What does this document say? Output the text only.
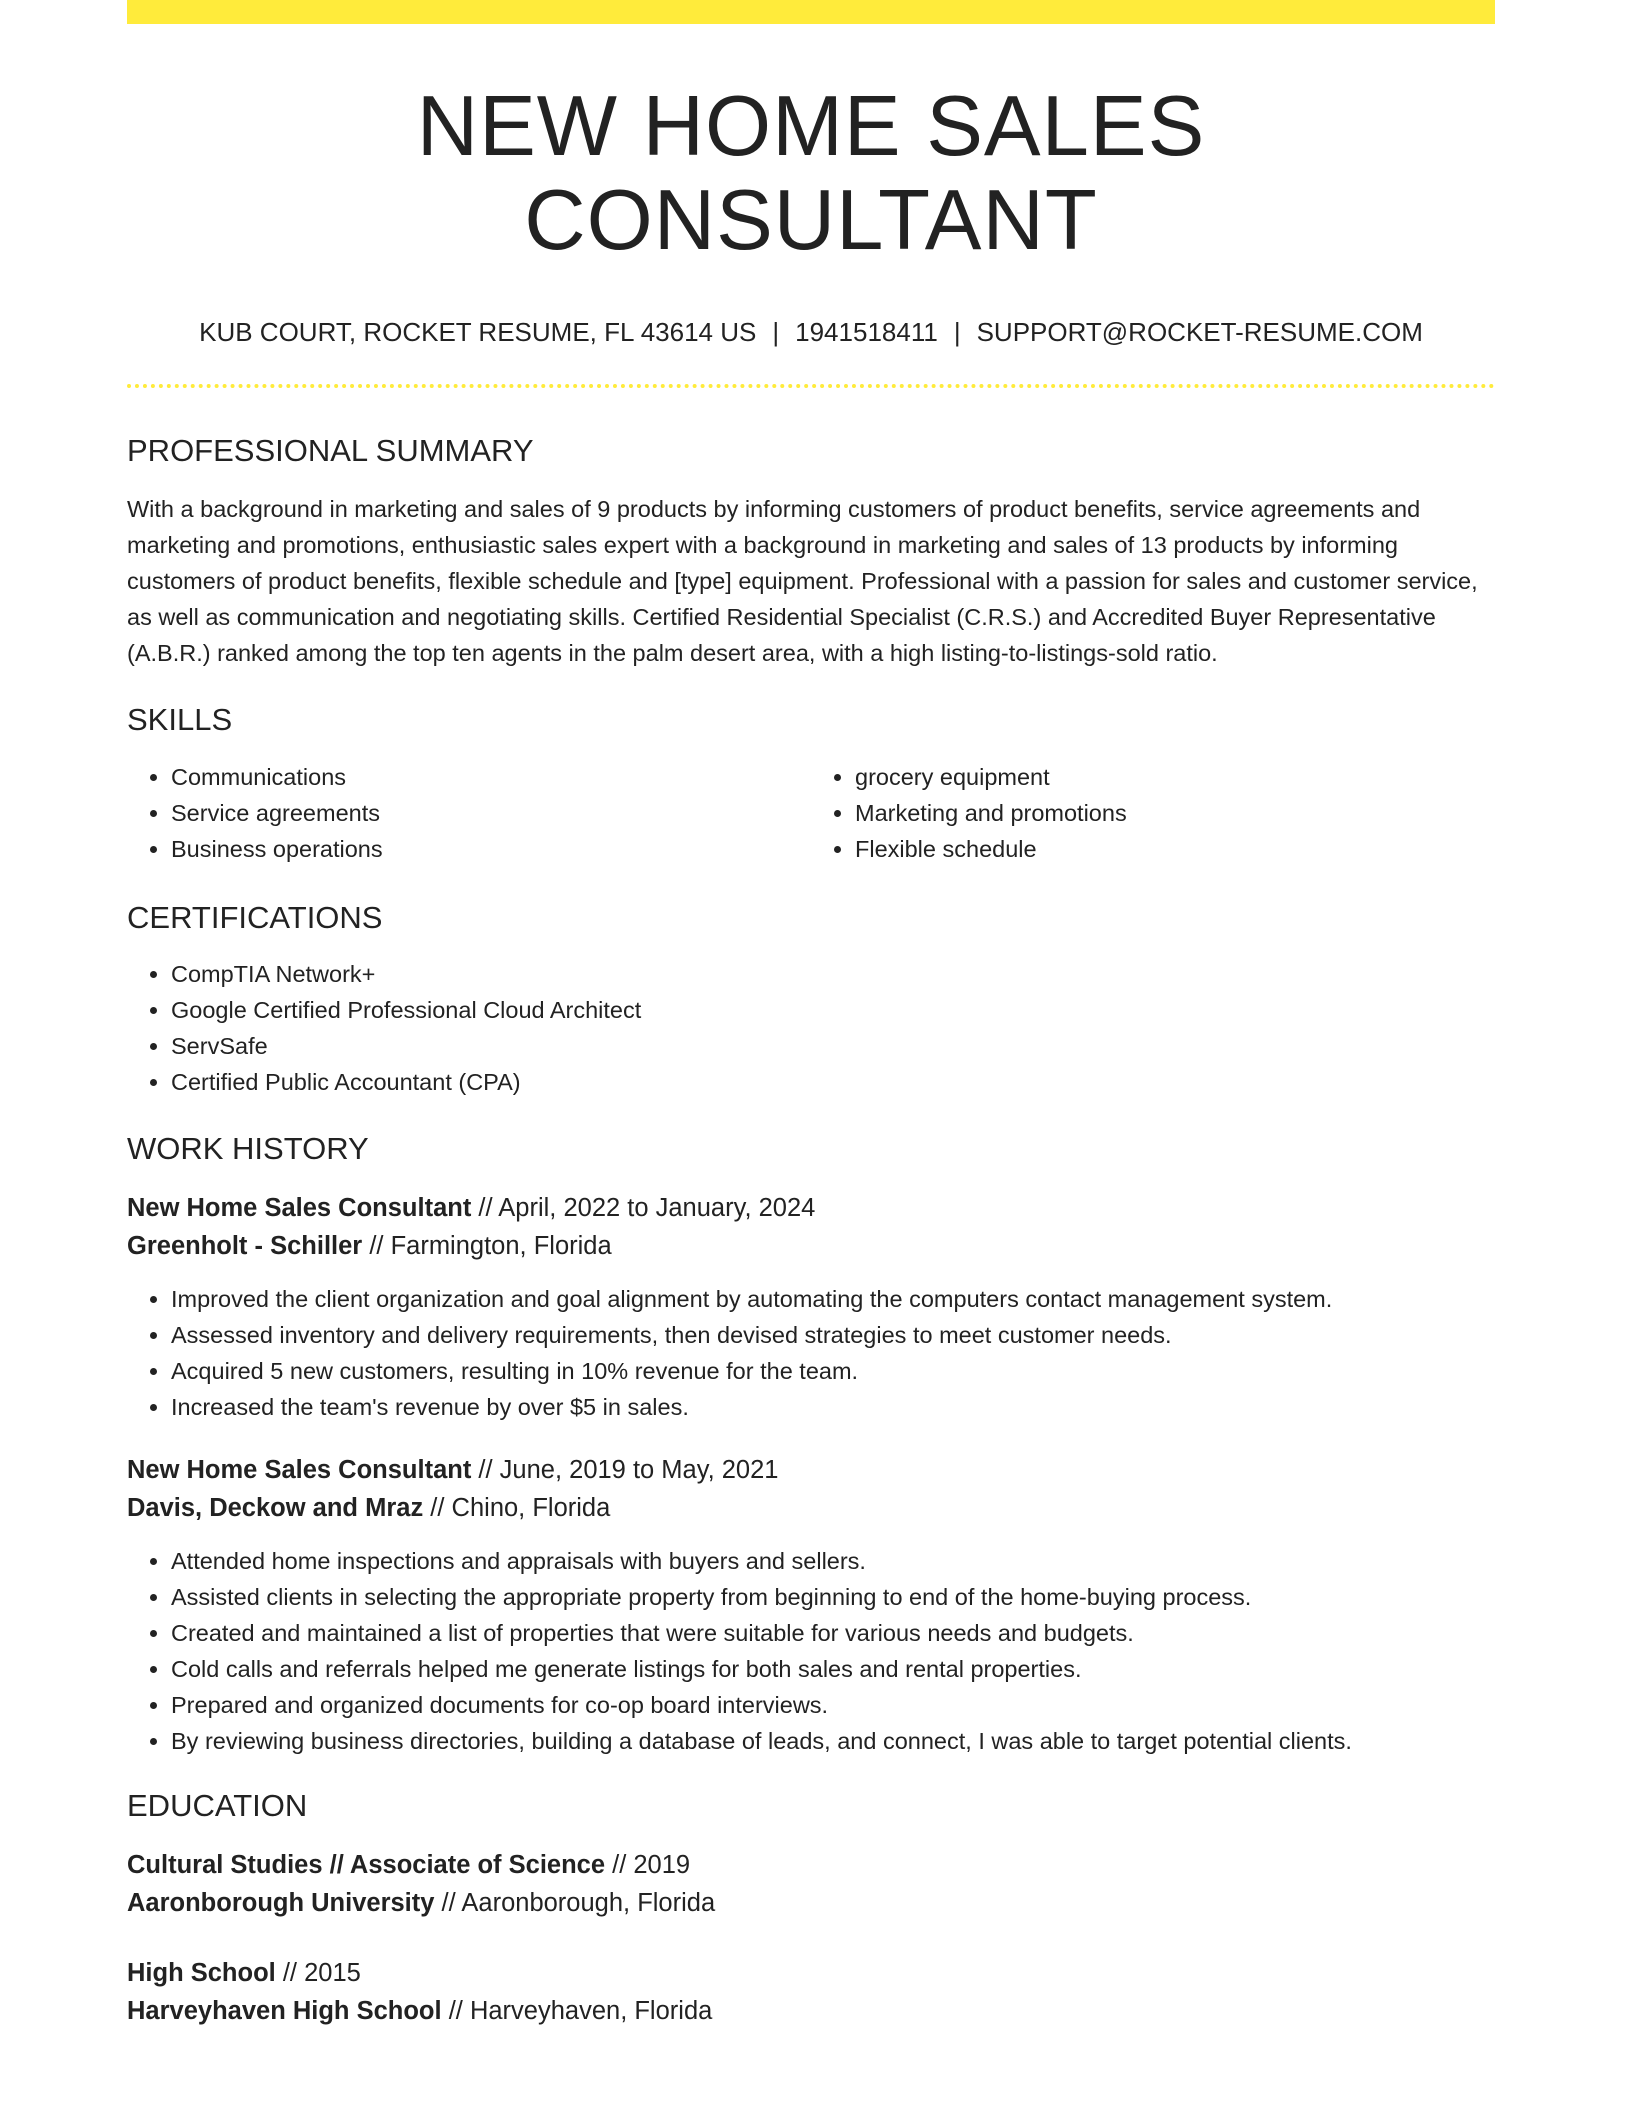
NEW HOME SALES CONSULTANT
KUB COURT, ROCKET RESUME, FL 43614 US | 1941518411 | SUPPORT@ROCKET-RESUME.COM
PROFESSIONAL SUMMARY
With a background in marketing and sales of 9 products by informing customers of product benefits, service agreements and marketing and promotions, enthusiastic sales expert with a background in marketing and sales of 13 products by informing customers of product benefits, flexible schedule and [type] equipment. Professional with a passion for sales and customer service, as well as communication and negotiating skills. Certified Residential Specialist (C.R.S.) and Accredited Buyer Representative (A.B.R.) ranked among the top ten agents in the palm desert area, with a high listing-to-listings-sold ratio.
SKILLS
• Communications
• Service agreements
• Business operations
• grocery equipment
• Marketing and promotions
• Flexible schedule
CERTIFICATIONS
• CompTIA Network+
• Google Certified Professional Cloud Architect
• ServSafe
• Certified Public Accountant (CPA)
WORK HISTORY
New Home Sales Consultant // April, 2022 to January, 2024
Greenholt - Schiller // Farmington, Florida
• Improved the client organization and goal alignment by automating the computers contact management system.
• Assessed inventory and delivery requirements, then devised strategies to meet customer needs.
• Acquired 5 new customers, resulting in 10% revenue for the team.
• Increased the team's revenue by over $5 in sales.
New Home Sales Consultant // June, 2019 to May, 2021
Davis, Deckow and Mraz // Chino, Florida
• Attended home inspections and appraisals with buyers and sellers.
• Assisted clients in selecting the appropriate property from beginning to end of the home-buying process.
• Created and maintained a list of properties that were suitable for various needs and budgets.
• Cold calls and referrals helped me generate listings for both sales and rental properties.
• Prepared and organized documents for co-op board interviews.
• By reviewing business directories, building a database of leads, and connect, I was able to target potential clients.
EDUCATION
Cultural Studies // Associate of Science // 2019
Aaronborough University // Aaronborough, Florida
High School // 2015
Harveyhaven High School // Harveyhaven, Florida
